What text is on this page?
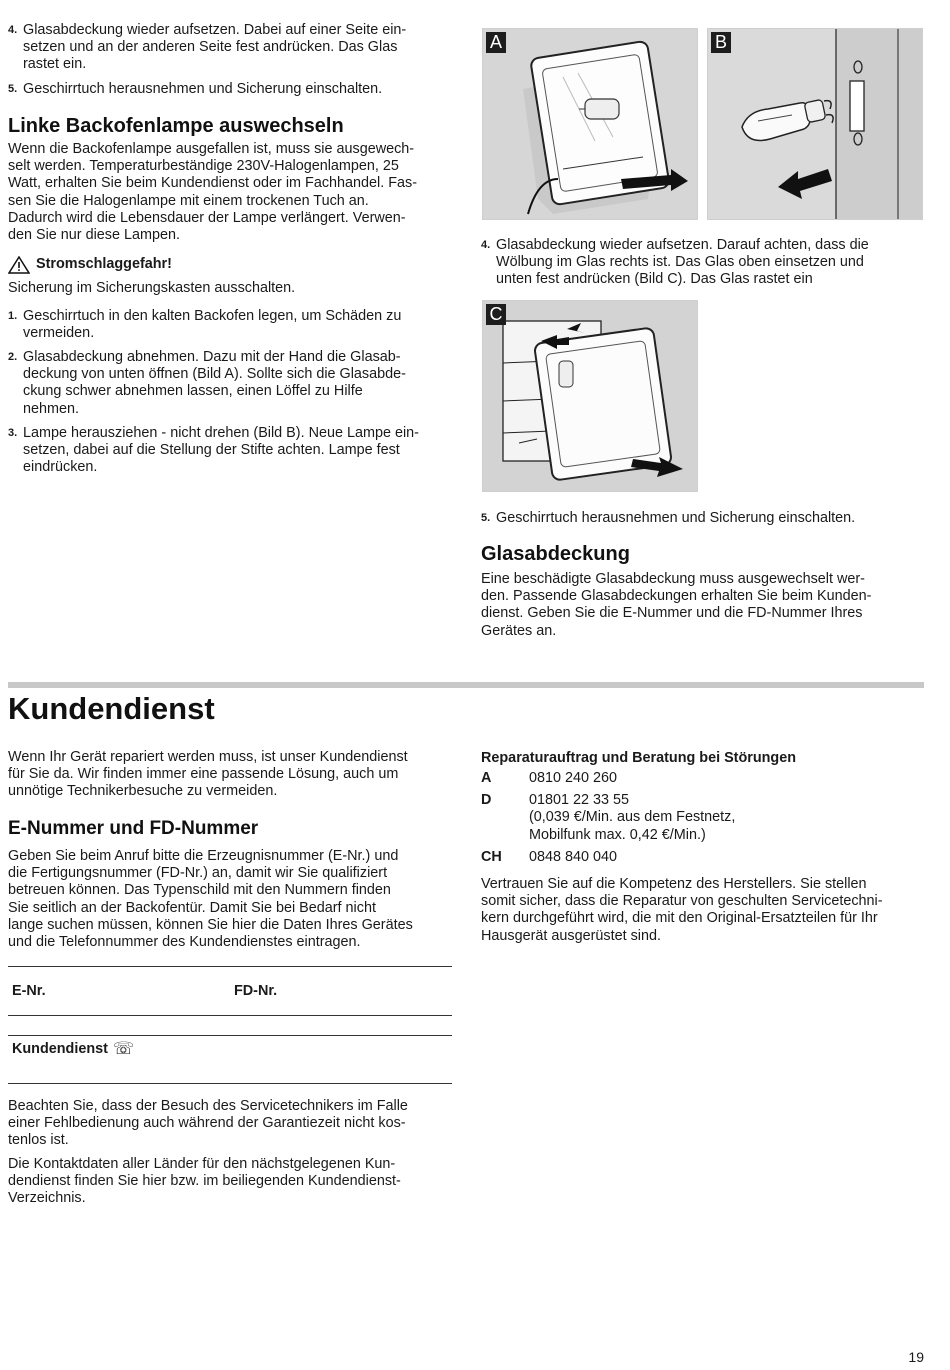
4. Glasabdeckung wieder aufsetzen. Dabei auf einer Seite ein-
setzen und an der anderen Seite fest andrücken. Das Glas
rastet ein.
5. Geschirrtuch herausnehmen und Sicherung einschalten.
Linke Backofenlampe auswechseln

Wenn die Backofenlampe ausgefallen ist, muss sie ausgewech-
selt werden. Temperaturbeständige 230V-Halogenlampen, 25
Watt, erhalten Sie beim Kundendienst oder im Fachhandel. Fas-
sen Sie die Halogenlampe mit einem trockenen Tuch an.
Dadurch wird die Lebensdauer der Lampe verlängert. Verwen-
den Sie nur diese Lampen.

Stromschlaggefahr!

Sicherung im Sicherungskasten ausschalten.

1. Geschirrtuch in den kalten Backofen legen, um Schäden zu
vermeiden.
2. Glasabdeckung abnehmen. Dazu mit der Hand die Glasab-
deckung von unten öffnen (Bild A). Sollte sich die Glasabde-
ckung schwer abnehmen lassen, einen Löffel zu Hilfe
nehmen.
3. Lampe herausziehen - nicht drehen (Bild B). Neue Lampe ein-
setzen, dabei auf die Stellung der Stifte achten. Lampe fest
eindrücken.
A	B
4. Glasabdeckung wieder aufsetzen. Darauf achten, dass die
Wölbung im Glas rechts ist. Das Glas oben einsetzen und
unten fest andrücken (Bild C). Das Glas rastet ein
C
5. Geschirrtuch herausnehmen und Sicherung einschalten.
Glasabdeckung

Eine beschädigte Glasabdeckung muss ausgewechselt wer-
den. Passende Glasabdeckungen erhalten Sie beim Kunden-
dienst. Geben Sie die E-Nummer und die FD-Nummer Ihres
Gerätes an.

Kundendienst

Wenn Ihr Gerät repariert werden muss, ist unser Kundendienst
für Sie da. Wir finden immer eine passende Lösung, auch um
unnötige Technikerbesuche zu vermeiden.

E-Nummer und FD-Nummer

Geben Sie beim Anruf bitte die Erzeugnisnummer (E-Nr.) und
die Fertigungsnummer (FD-Nr.) an, damit wir Sie qualifiziert
betreuen können. Das Typenschild mit den Nummern finden
Sie seitlich an der Backofentür. Damit Sie bei Bedarf nicht
lange suchen müssen, können Sie hier die Daten Ihres Gerätes
und die Telefonnummer des Kundendienstes eintragen.

E-Nr.	FD-Nr.
Kundendienst ☏

Beachten Sie, dass der Besuch des Servicetechnikers im Falle
einer Fehlbedienung auch während der Garantiezeit nicht kos-
tenlos ist.

Die Kontaktdaten aller Länder für den nächstgelegenen Kun-
dendienst finden Sie hier bzw. im beiliegenden Kundendienst-
Verzeichnis.

Reparaturauftrag und Beratung bei Störungen
A	0810 240 260
D	01801 22 33 55
(0,039 €/Min. aus dem Festnetz,
Mobilfunk max. 0,42 €/Min.)
CH	0848 840 040

Vertrauen Sie auf die Kompetenz des Herstellers. Sie stellen
somit sicher, dass die Reparatur von geschulten Servicetechni-
kern durchgeführt wird, die mit den Original-Ersatzteilen für Ihr
Hausgerät ausgerüstet sind.

19
